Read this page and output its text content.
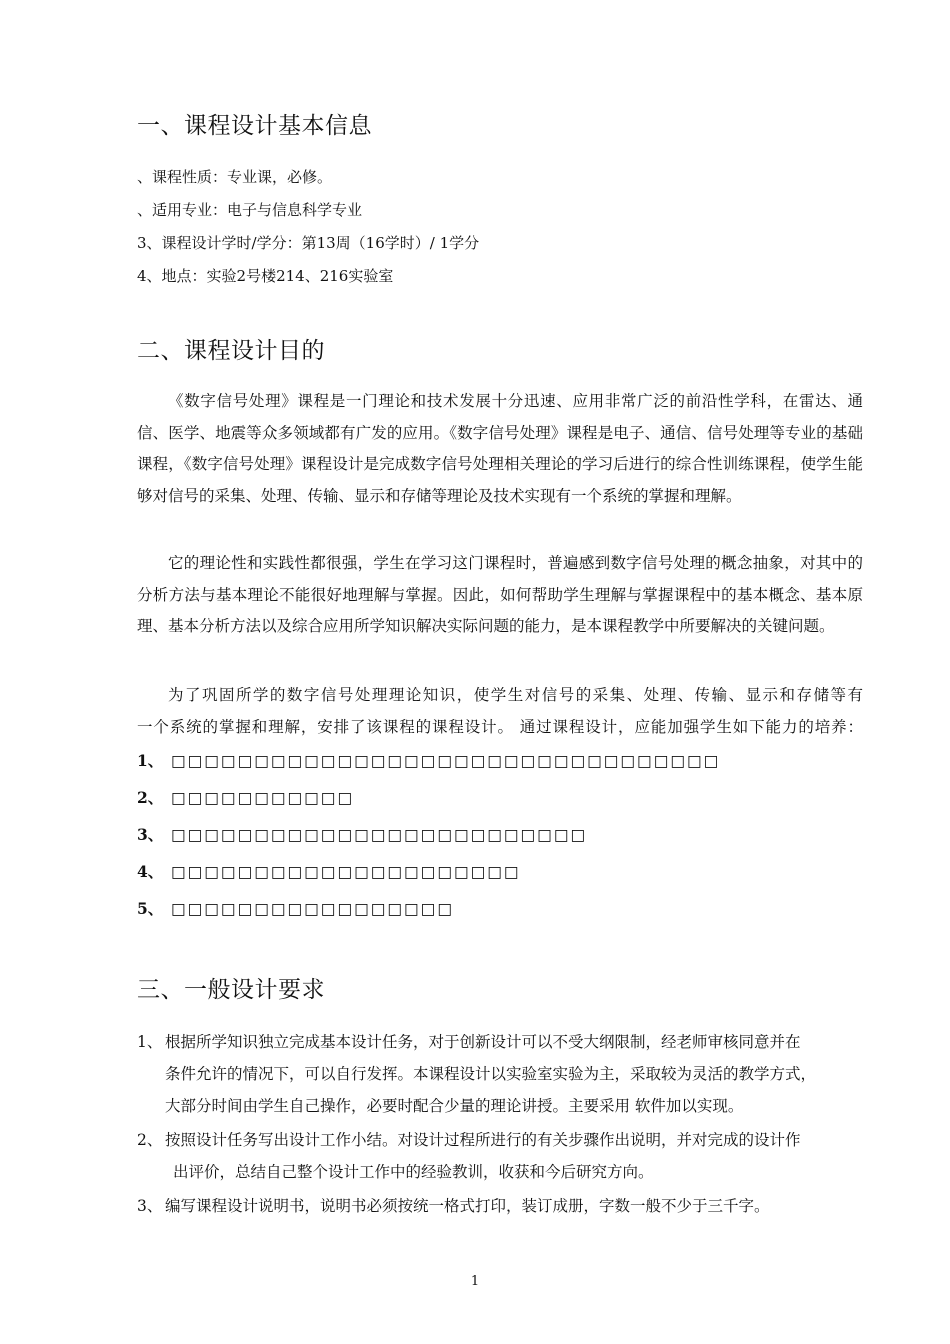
一、课程设计基本信息
、课程性质：专业课，必修。
、适用专业：电子与信息科学专业
3、课程设计学时/学分：第13周（16学时）/ 1学分
4、地点：实验2号楼214、216实验室
二、课程设计目的
《数字信号处理》课程是一门理论和技术发展十分迅速、应用非常广泛的前沿性学科，在雷达、通信、医学、地震等众多领域都有广发的应用。《数字信号处理》课程是电子、通信、信号处理等专业的基础课程，《数字信号处理》课程设计是完成数字信号处理相关理论的学习后进行的综合性训练课程，使学生能够对信号的采集、处理、传输、显示和存储等理论及技术实现有一个系统的掌握和理解。
它的理论性和实践性都很强，学生在学习这门课程时，普遍感到数字信号处理的概念抽象，对其中的分析方法与基本理论不能很好地理解与掌握。因此，如何帮助学生理解与掌握课程中的基本概念、基本原理、基本分析方法以及综合应用所学知识解决实际问题的能力，是本课程教学中所要解决的关键问题。
为了巩固所学的数字信号处理理论知识，使学生对信号的采集、处理、传输、显示和存储等有
一个系统的掌握和理解，安排了该课程的课程设计。 通过课程设计，应能加强学生如下能力的培养：
1、 □□□□□□□□□□□□□□□□□□□□□□□□□□□□□□□□□
2、 □□□□□□□□□□□
3、 □□□□□□□□□□□□□□□□□□□□□□□□□
4、 □□□□□□□□□□□□□□□□□□□□□
5、 □□□□□□□□□□□□□□□□□
三、一般设计要求
1、 根据所学知识独立完成基本设计任务，对于创新设计可以不受大纲限制，经老师审核同意并在
条件允许的情况下，可以自行发挥。本课程设计以实验室实验为主，采取较为灵活的教学方式，
大部分时间由学生自己操作，必要时配合少量的理论讲授。主要采用 软件加以实现。
2、 按照设计任务写出设计工作小结。对设计过程所进行的有关步骤作出说明，并对完成的设计作
出评价，总结自己整个设计工作中的经验教训，收获和今后研究方向。
3、 编写课程设计说明书，说明书必须按统一格式打印，装订成册，字数一般不少于三千字。
1
